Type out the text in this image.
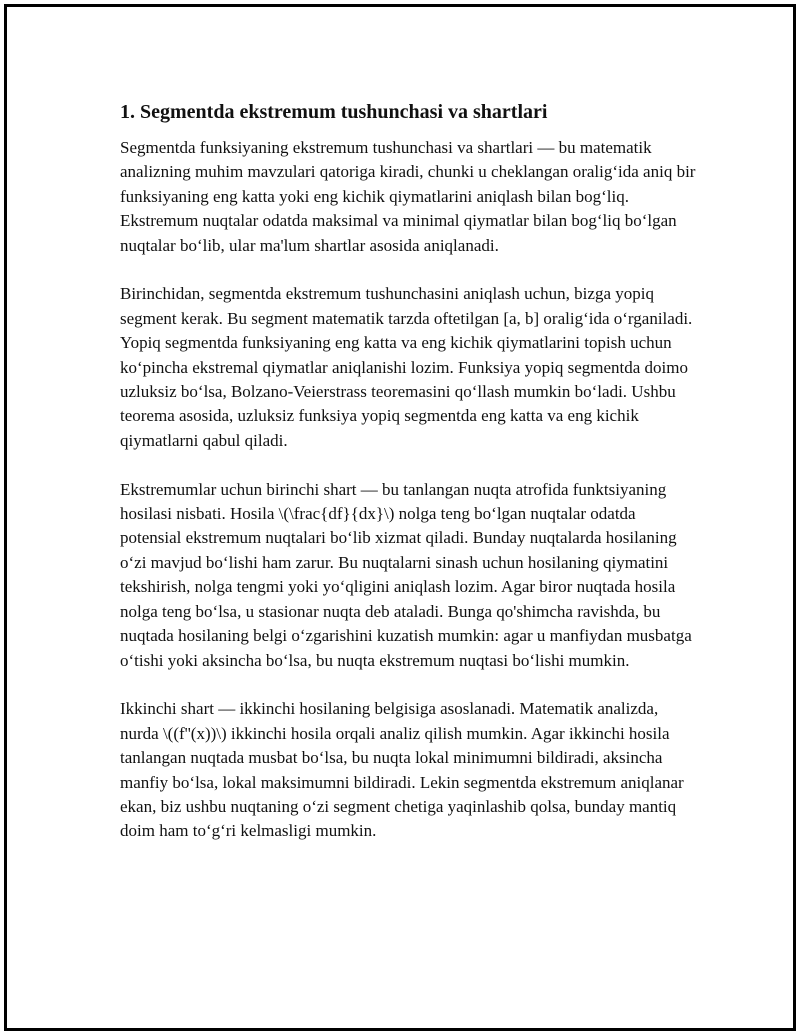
1. Segmentda ekstremum tushunchasi va shartlari

Segmentda funksiyaning ekstremum tushunchasi va shartlari — bu matematik analizning muhim mavzulari qatoriga kiradi, chunki u cheklangan oralig‘ida aniq bir funksiyaning eng katta yoki eng kichik qiymatlarini aniqlash bilan bog‘liq. Ekstremum nuqtalar odatda maksimal va minimal qiymatlar bilan bog‘liq bo‘lgan nuqtalar bo‘lib, ular ma'lum shartlar asosida aniqlanadi.

Birinchidan, segmentda ekstremum tushunchasini aniqlash uchun, bizga yopiq segment kerak. Bu segment matematik tarzda oftetilgan [a, b] oralig‘ida o‘rganiladi. Yopiq segmentda funksiyaning eng katta va eng kichik qiymatlarini topish uchun ko‘pincha ekstremal qiymatlar aniqlanishi lozim. Funksiya yopiq segmentda doimo uzluksiz bo‘lsa, Bolzano-Veierstrass teoremasini qo‘llash mumkin bo‘ladi. Ushbu teorema asosida, uzluksiz funksiya yopiq segmentda eng katta va eng kichik qiymatlarni qabul qiladi.

Ekstremumlar uchun birinchi shart — bu tanlangan nuqta atrofida funktsiyaning hosilasi nisbati. Hosila \(\frac{df}{dx}\) nolga teng bo‘lgan nuqtalar odatda potensial ekstremum nuqtalari bo‘lib xizmat qiladi. Bunday nuqtalarda hosilaning o‘zi mavjud bo‘lishi ham zarur. Bu nuqtalarni sinash uchun hosilaning qiymatini tekshirish, nolga tengmi yoki yo‘qligini aniqlash lozim. Agar biror nuqtada hosila nolga teng bo‘lsa, u stasionar nuqta deb ataladi. Bunga qo'shimcha ravishda, bu nuqtada hosilaning belgi o‘zgarishini kuzatish mumkin: agar u manfiydan musbatga o‘tishi yoki aksincha bo‘lsa, bu nuqta ekstremum nuqtasi bo‘lishi mumkin.

Ikkinchi shart — ikkinchi hosilaning belgisiga asoslanadi. Matematik analizda, nurda \((f''(x))\) ikkinchi hosila orqali analiz qilish mumkin. Agar ikkinchi hosila tanlangan nuqtada musbat bo‘lsa, bu nuqta lokal minimumni bildiradi, aksincha manfiy bo‘lsa, lokal maksimumni bildiradi. Lekin segmentda ekstremum aniqlanar ekan, biz ushbu nuqtaning o‘zi segment chetiga yaqinlashib qolsa, bunday mantiq doim ham to‘g‘ri kelmasligi mumkin.
